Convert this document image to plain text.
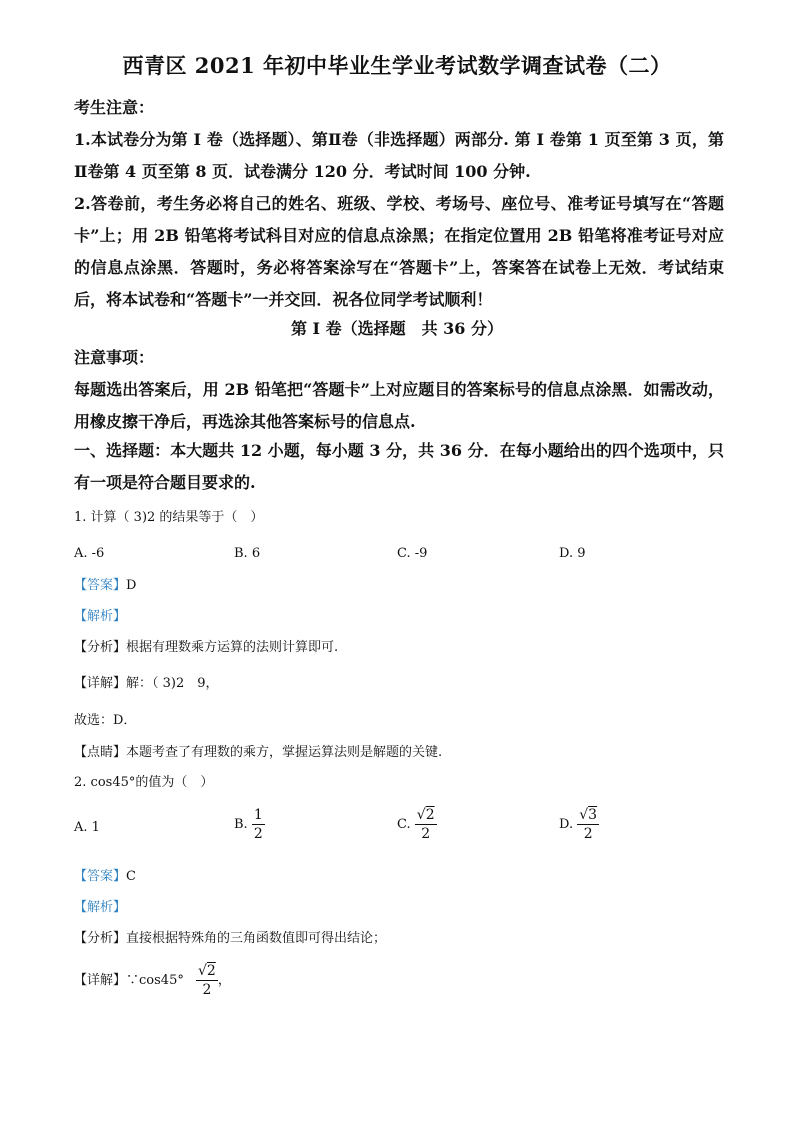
西青区 2021 年初中毕业生学业考试数学调查试卷（二）
考生注意：
1.本试卷分为第 I 卷（选择题）、第Ⅱ卷（非选择题）两部分. 第 I 卷第 1 页至第 3 页，第Ⅱ卷第 4 页至第 8 页．试卷满分 120 分．考试时间 100 分钟.
2.答卷前，考生务必将自己的姓名、班级、学校、考场号、座位号、准考证号填写在“答题卡”上；用 2B 铅笔将考试科目对应的信息点涂黑；在指定位置用 2B 铅笔将准考证号对应的信息点涂黑．答题时，务必将答案涂写在“答题卡”上，答案答在试卷上无效．考试结束后，将本试卷和“答题卡”一并交回．祝各位同学考试顺利！
第 I 卷（选择题　共 36 分）
注意事项：
每题选出答案后，用 2B 铅笔把“答题卡”上对应题目的答案标号的信息点涂黑．如需改动，用橡皮擦干净后，再选涂其他答案标号的信息点.
一、选择题：本大题共 12 小题，每小题 3 分，共 36 分．在每小题给出的四个选项中，只有一项是符合题目要求的.
1. 计算（ 3)2 的结果等于（　）
A. -6	B. 6	C. -9	D. 9
【答案】D
【解析】
【分析】根据有理数乘方运算的法则计算即可.
【详解】解：（ 3)2　9，
故选：D．
【点睛】本题考查了有理数的乘方，掌握运算法则是解题的关键.
2. cos45°的值为（　）
A. 1	B. $\frac{1}{2}$	C. $\frac{√2}{2}$	D. $\frac{√3}{2}$
【答案】C
【解析】
【分析】直接根据特殊角的三角函数值即可得出结论；
【详解】∵cos45° $\frac{√2}{2}$ ，
